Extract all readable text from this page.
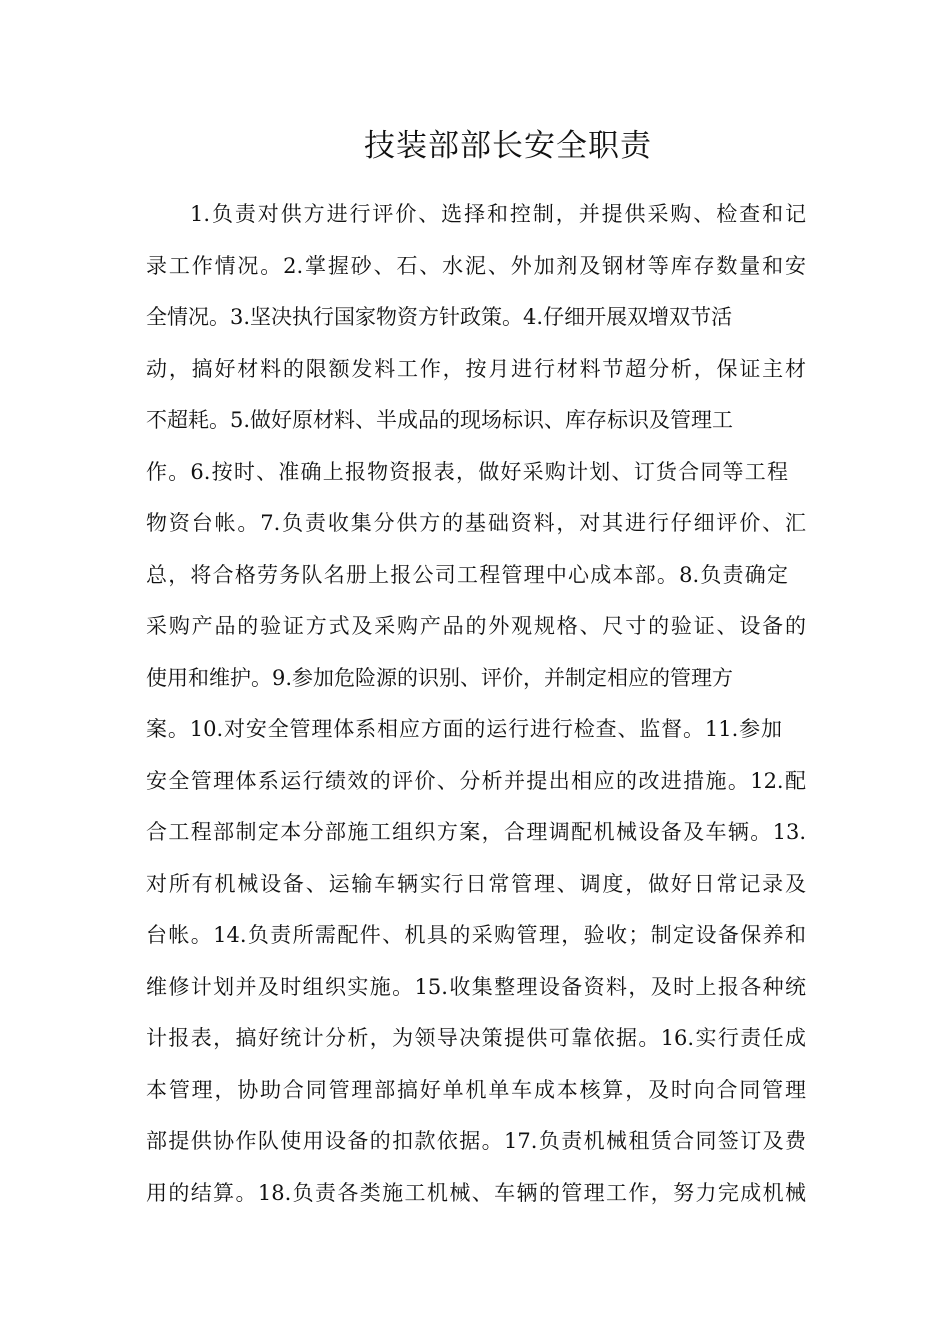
技装部部长安全职责
1.负责对供方进行评价、选择和控制，并提供采购、检查和记
录工作情况。2.掌握砂、石、水泥、外加剂及钢材等库存数量和安
全情况。3.坚决执行国家物资方针政策。4.仔细开展双增双节活
动，搞好材料的限额发料工作，按月进行材料节超分析，保证主材
不超耗。5.做好原材料、半成品的现场标识、库存标识及管理工
作。6.按时、准确上报物资报表，做好采购计划、订货合同等工程
物资台帐。7.负责收集分供方的基础资料，对其进行仔细评价、汇
总，将合格劳务队名册上报公司工程管理中心成本部。8.负责确定
采购产品的验证方式及采购产品的外观规格、尺寸的验证、设备的
使用和维护。9.参加危险源的识别、评价，并制定相应的管理方
案。10.对安全管理体系相应方面的运行进行检查、监督。11.参加
安全管理体系运行绩效的评价、分析并提出相应的改进措施。12.配
合工程部制定本分部施工组织方案，合理调配机械设备及车辆。13.
对所有机械设备、运输车辆实行日常管理、调度，做好日常记录及
台帐。14.负责所需配件、机具的采购管理，验收；制定设备保养和
维修计划并及时组织实施。15.收集整理设备资料，及时上报各种统
计报表，搞好统计分析，为领导决策提供可靠依据。16.实行责任成
本管理，协助合同管理部搞好单机单车成本核算，及时向合同管理
部提供协作队使用设备的扣款依据。17.负责机械租赁合同签订及费
用的结算。18.负责各类施工机械、车辆的管理工作，努力完成机械
